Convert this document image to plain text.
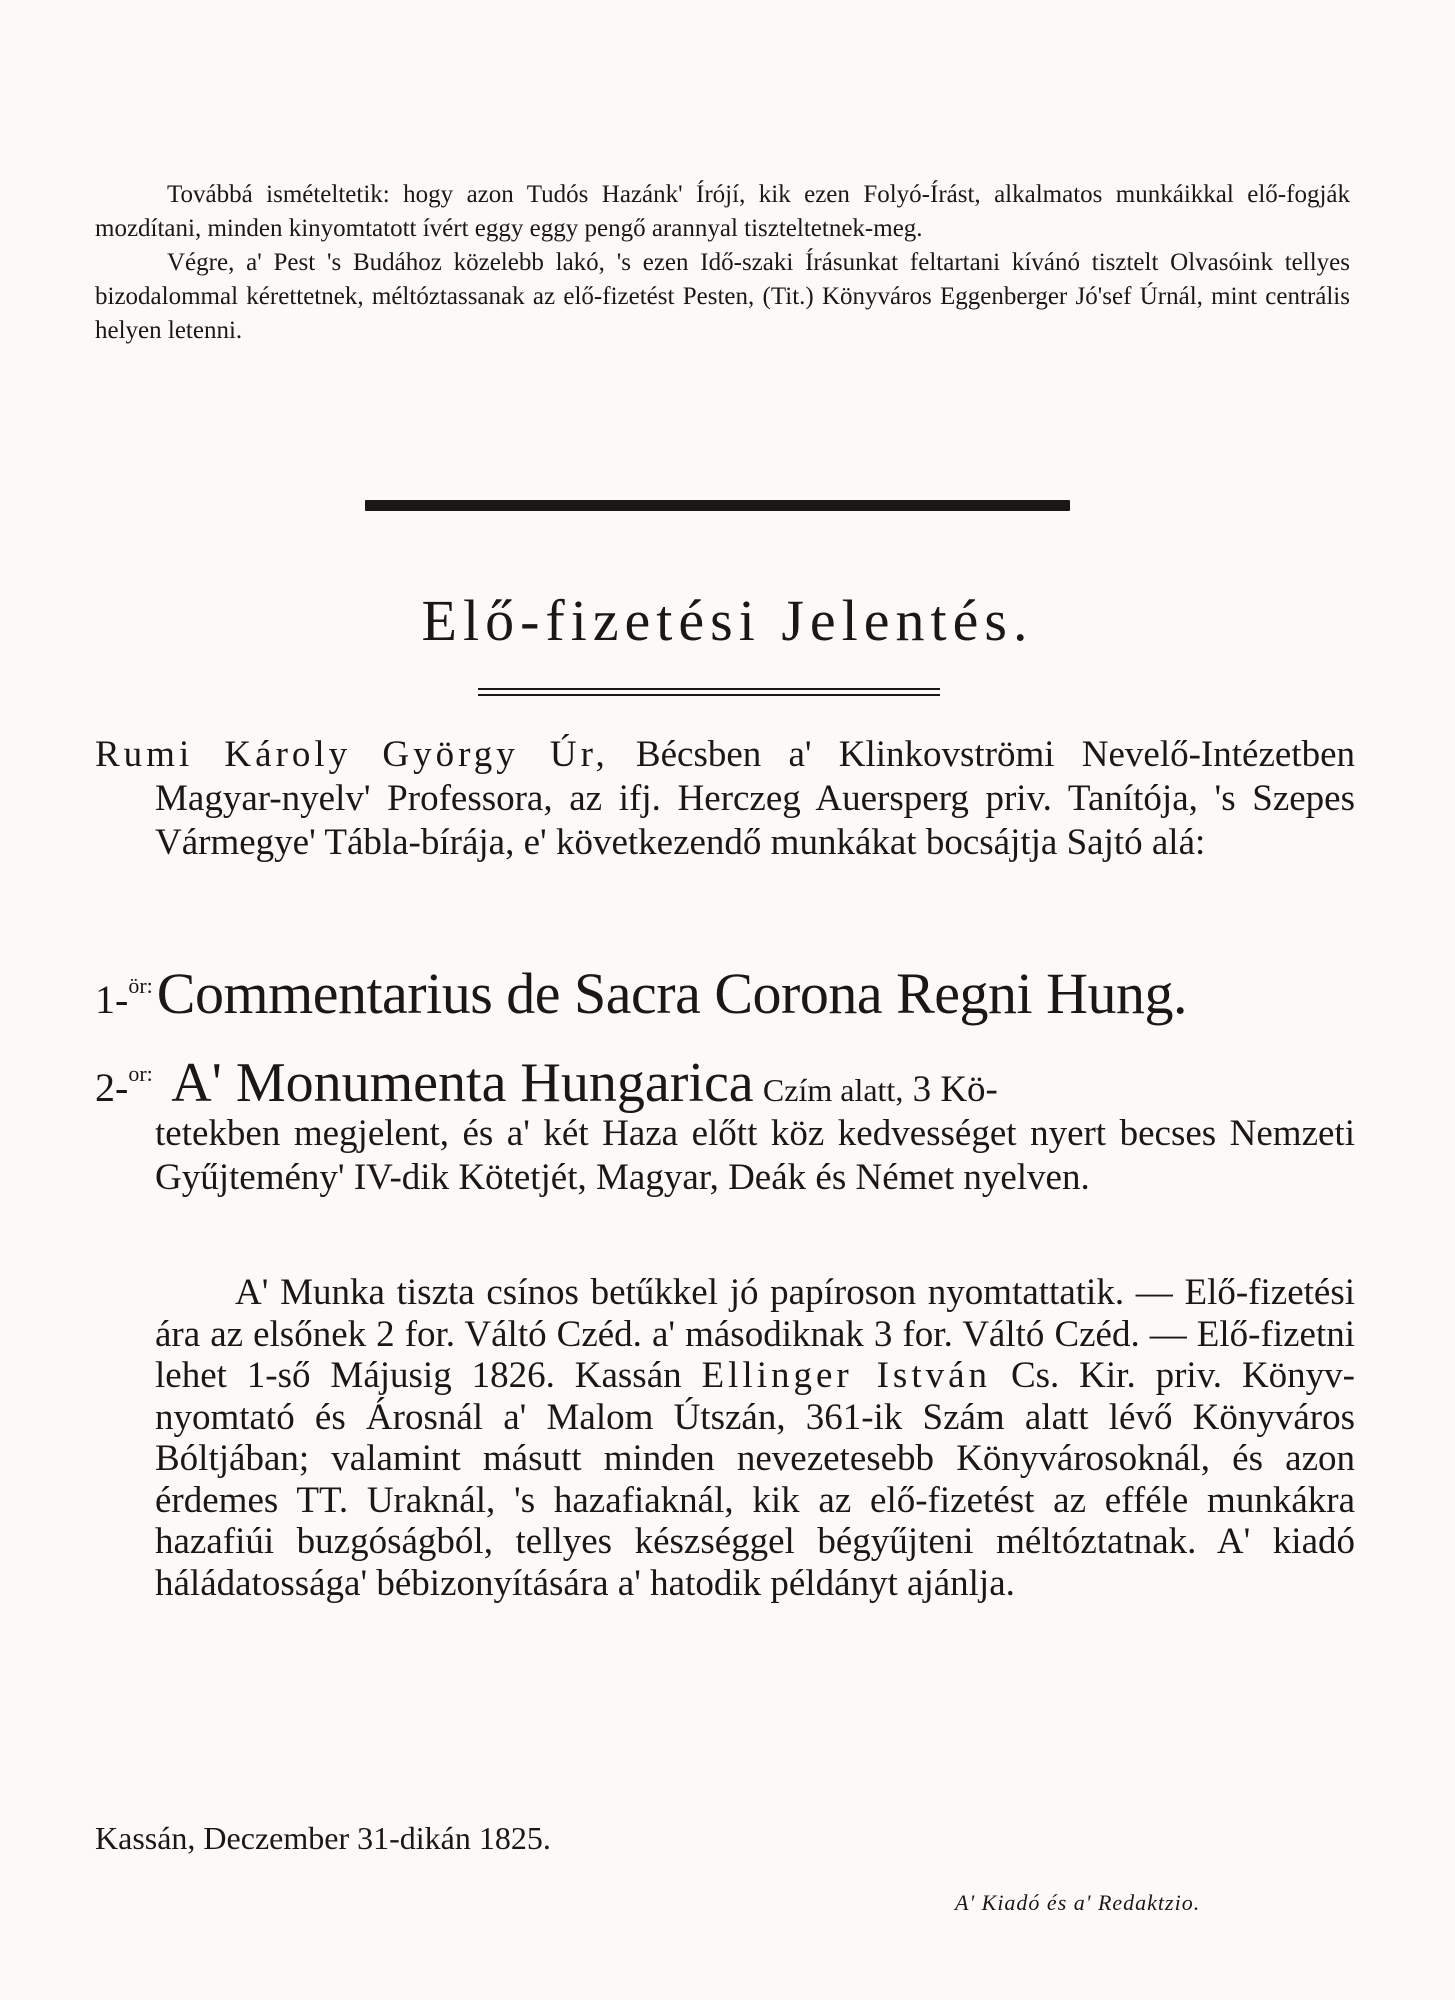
Továbbá ismételtetik: hogy azon Tudós Hazánk' Írójí, kik ezen Folyó-Írást, alkalmatos munkáikkal elő-fogják mozdítani, minden kinyomtatott ívért eggy eggy pengő arannyal tiszteltetnek-meg.

Végre, a' Pest 's Budához közelebb lakó, 's ezen Idő-szaki Írásunkat feltartani kívánó tisztelt Olvasóink tellyes bizodalommal kérettetnek, méltóztassanak az elő-fizetést Pesten, (Tit.) Könyváros Eggenberger Jó'sef Úrnál, mint centrális helyen letenni.

Elő-fizetési Jelentés.

Rumi Károly György Úr, Bécsben a' Klinkovströmi Nevelő-Intézetben Magyar-nyelv' Professora, az ifj. Herczeg Auersperg priv. Tanítója, 's Szepes Vármegye' Tábla-bírája, e' következendő munkákat bocsájtja Sajtó alá:

1-ör: Commentarius de Sacra Corona Regni Hung.
2-$^{or:}$ A' Monumenta Hungarica Czím alatt, 3 Kö-

tetekben megjelent, és a' két Haza előtt köz kedvességet nyert becses Nemzeti Gyűjtemény' IV-dik Kötetjét, Magyar, Deák és Német nyelven.

A' Munka tiszta csínos betűkkel jó papíroson nyomtattatik. — Elő-fizetési ára az elsőnek 2 for. Váltó Czéd. a' másodiknak 3 for. Váltó Czéd. — Elő-fizetni lehet 1-ső Májusig 1826. Kassán Ellinger István Cs. Kir. priv. Könyv-nyomtató és Árosnál a' Malom Útszán, 361-ik Szám alatt lévő Könyváros Bóltjában; valamint másutt minden nevezetesebb Könyvárosoknál, és azon érdemes TT. Uraknál, 's hazafiaknál, kik az elő-fizetést az efféle munkákra hazafiúi buzgóságból, tellyes készséggel bégyűjteni méltóztatnak. A' kiadó háládatossága' bébizonyítására a' hatodik példányt ajánlja.

Kassán, Deczember 31-dikán 1825.
A' Kiadó és a' Redaktzio.
